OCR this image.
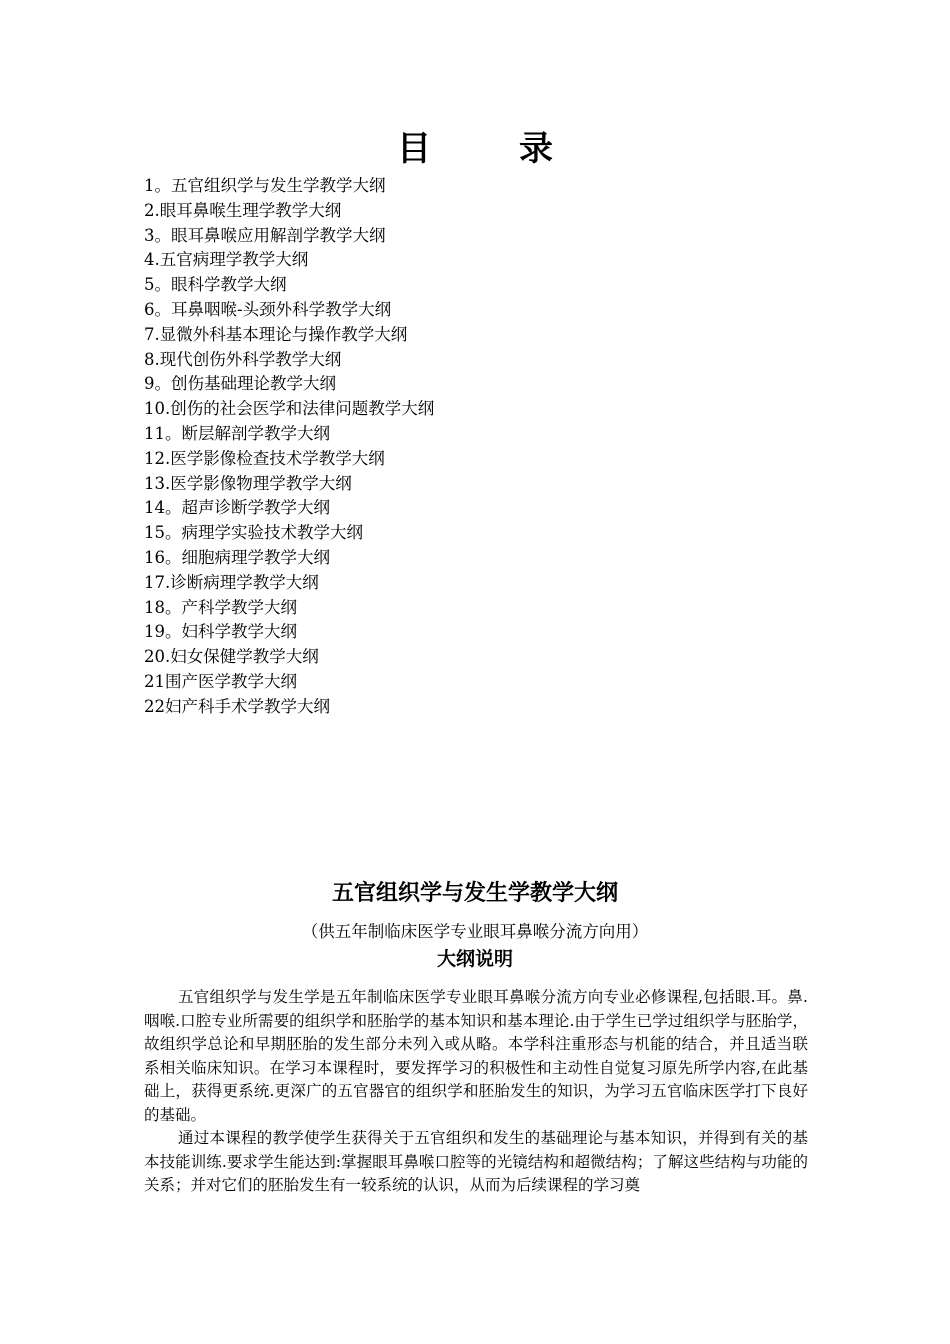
目录
1。五官组织学与发生学教学大纲
2.眼耳鼻喉生理学教学大纲
3。眼耳鼻喉应用解剖学教学大纲
4.五官病理学教学大纲
5。眼科学教学大纲
6。耳鼻咽喉-头颈外科学教学大纲
7.显微外科基本理论与操作教学大纲
8.现代创伤外科学教学大纲
9。创伤基础理论教学大纲
10.创伤的社会医学和法律问题教学大纲
11。断层解剖学教学大纲
12.医学影像检查技术学教学大纲
13.医学影像物理学教学大纲
14。超声诊断学教学大纲
15。病理学实验技术教学大纲
16。细胞病理学教学大纲
17.诊断病理学教学大纲
18。产科学教学大纲
19。妇科学教学大纲
20.妇女保健学教学大纲
21围产医学教学大纲
22妇产科手术学教学大纲
五官组织学与发生学教学大纲
（供五年制临床医学专业眼耳鼻喉分流方向用）
大纲说明

五官组织学与发生学是五年制临床医学专业眼耳鼻喉分流方向专业必修课程,包括眼.耳。鼻.咽喉.口腔专业所需要的组织学和胚胎学的基本知识和基本理论.由于学生已学过组织学与胚胎学，故组织学总论和早期胚胎的发生部分未列入或从略。本学科注重形态与机能的结合，并且适当联系相关临床知识。在学习本课程时，要发挥学习的积极性和主动性自觉复习原先所学内容,在此基础上，获得更系统.更深广的五官器官的组织学和胚胎发生的知识，为学习五官临床医学打下良好的基础。

通过本课程的教学使学生获得关于五官组织和发生的基础理论与基本知识，并得到有关的基本技能训练.要求学生能达到:掌握眼耳鼻喉口腔等的光镜结构和超微结构；了解这些结构与功能的关系；并对它们的胚胎发生有一较系统的认识，从而为后续课程的学习奠
